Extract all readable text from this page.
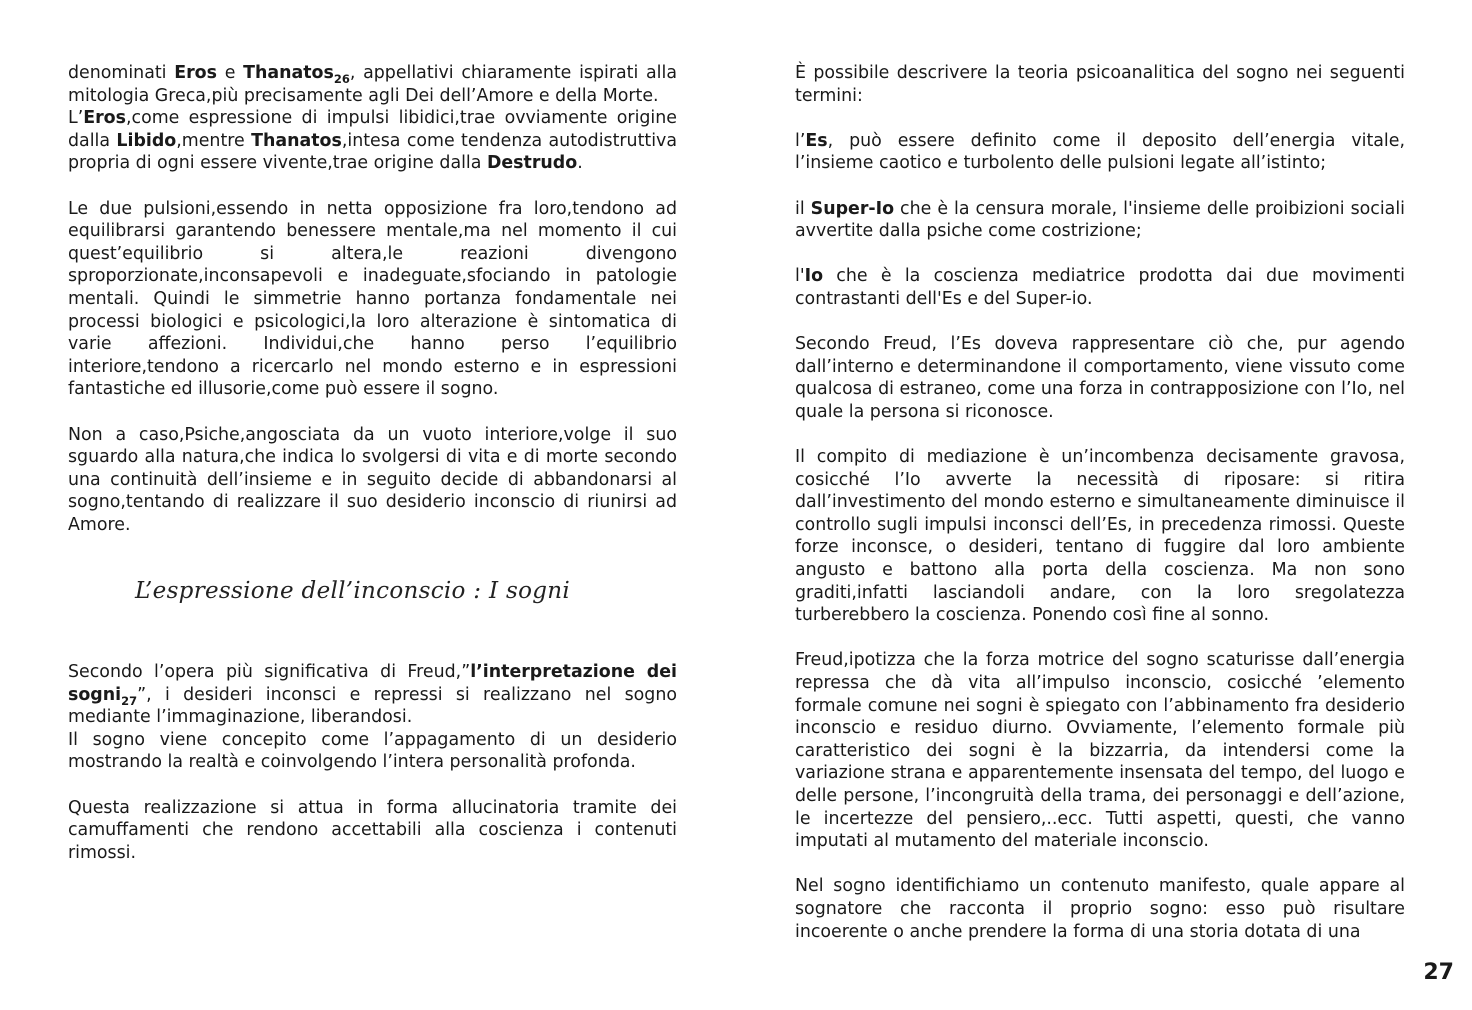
denominati Eros e Thanatos$_{26}$, appellativi chiaramente ispirati alla mitologia Greca,più precisamente agli Dei dell’Amore e della Morte.

L’Eros,come espressione di impulsi libidici,trae ovviamente origine dalla Libido,mentre Thanatos,intesa come tendenza autodistruttiva propria di ogni essere vivente,trae origine dalla Destrudo.

Le due pulsioni,essendo in netta opposizione fra loro,tendono ad equilibrarsi garantendo benessere mentale,ma nel momento il cui quest’equilibrio si altera,le reazioni divengono sproporzionate,inconsapevoli e inadeguate,sfociando in patologie mentali. Quindi le simmetrie hanno portanza fondamentale nei processi biologici e psicologici,la loro alterazione è sintomatica di varie affezioni. Individui,che hanno perso l’equilibrio interiore,tendono a ricercarlo nel mondo esterno e in espressioni fantastiche ed illusorie,come può essere il sogno.

Non a caso,Psiche,angosciata da un vuoto interiore,volge il suo sguardo alla natura,che indica lo svolgersi di vita e di morte secondo una continuità dell’insieme e in seguito decide di abbandonarsi al sogno,tentando di realizzare il suo desiderio inconscio di riunirsi ad Amore.

L’espressione dell’inconscio : I sogni

Secondo l’opera più significativa di Freud,”l’interpretazione dei sogni$_{27}$”, i desideri inconsci e repressi si realizzano nel sogno mediante l’immaginazione, liberandosi.

Il sogno viene concepito come l’appagamento di un desiderio mostrando la realtà e coinvolgendo l’intera personalità profonda.

Questa realizzazione si attua in forma allucinatoria tramite dei camuffamenti che rendono accettabili alla coscienza i contenuti rimossi.

È possibile descrivere la teoria psicoanalitica del sogno nei seguenti termini:

l’Es, può essere definito come il deposito dell’energia vitale, l’insieme caotico e turbolento delle pulsioni legate all’istinto;

il Super-Io che è la censura morale, l'insieme delle proibizioni sociali avvertite dalla psiche come costrizione;

l'Io che è la coscienza mediatrice prodotta dai due movimenti contrastanti dell'Es e del Super-io.

Secondo Freud, l’Es doveva rappresentare ciò che, pur agendo dall’interno e determinandone il comportamento, viene vissuto come qualcosa di estraneo, come una forza in contrapposizione con l’Io, nel quale la persona si riconosce.

Il compito di mediazione è un’incombenza decisamente gravosa, cosicché l’Io avverte la necessità di riposare: si ritira dall’investimento del mondo esterno e simultaneamente diminuisce il controllo sugli impulsi inconsci dell’Es, in precedenza rimossi. Queste forze inconsce, o desideri, tentano di fuggire dal loro ambiente angusto e battono alla porta della coscienza. Ma non sono graditi,infatti lasciandoli andare, con la loro sregolatezza turberebbero la coscienza. Ponendo così fine al sonno.

Freud,ipotizza che la forza motrice del sogno scaturisse dall’energia repressa che dà vita all’impulso inconscio, cosicché ’elemento formale comune nei sogni è spiegato con l’abbinamento fra desiderio inconscio e residuo diurno. Ovviamente, l’elemento formale più caratteristico dei sogni è la bizzarria, da intendersi come la variazione strana e apparentemente insensata del tempo, del luogo e delle persone, l’incongruità della trama, dei personaggi e dell’azione, le incertezze del pensiero,..ecc. Tutti aspetti, questi, che vanno imputati al mutamento del materiale inconscio.

Nel sogno identifichiamo un contenuto manifesto, quale appare al sognatore che racconta il proprio sogno: esso può risultare incoerente o anche prendere la forma di una storia dotata di una

27
